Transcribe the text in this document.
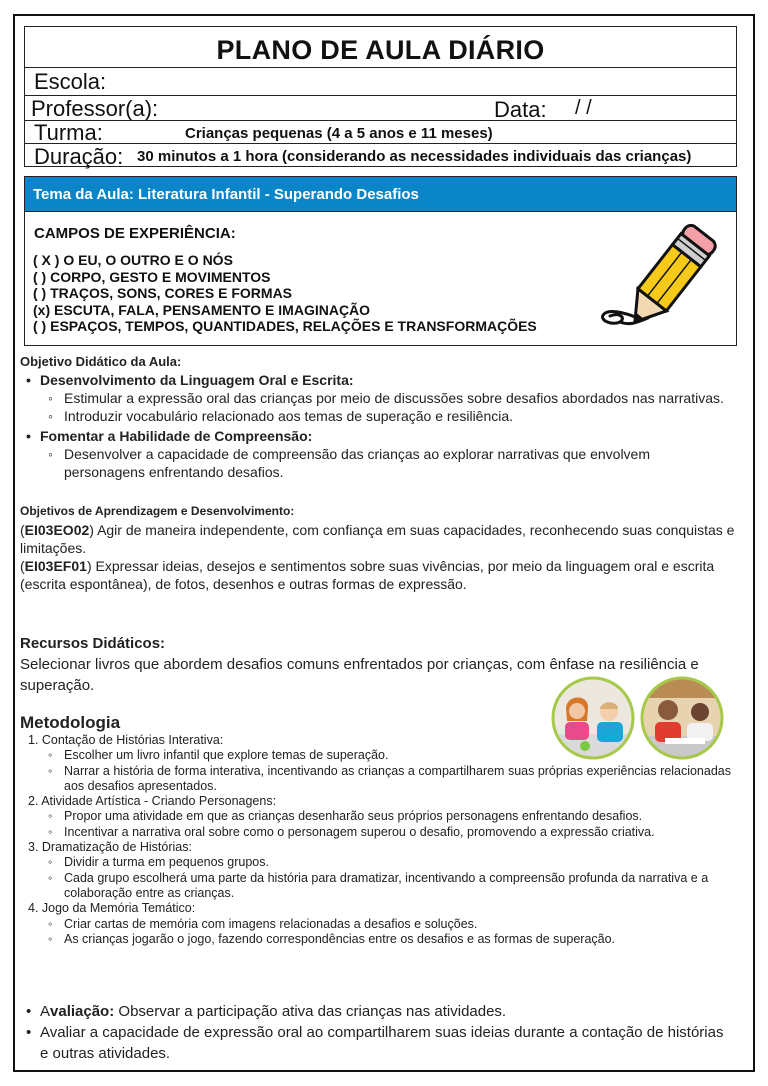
PLANO DE AULA DIÁRIO
Escola:
Professor(a):	Data: / /
Turma:	Crianças pequenas (4 a 5 anos e 11 meses)
Duração: 30 minutos a 1 hora (considerando as necessidades individuais das crianças)
Tema da Aula: Literatura Infantil - Superando Desafios
CAMPOS DE EXPERIÊNCIA:
( X ) O EU, O OUTRO E O NÓS
( ) CORPO, GESTO E MOVIMENTOS
( ) TRAÇOS, SONS, CORES E FORMAS
(x) ESCUTA, FALA, PENSAMENTO E IMAGINAÇÃO
( ) ESPAÇOS, TEMPOS, QUANTIDADES, RELAÇÕES E TRANSFORMAÇÕES
Objetivo Didático da Aula:
• Desenvolvimento da Linguagem Oral e Escrita:
◦ Estimular a expressão oral das crianças por meio de discussões sobre desafios abordados nas narrativas.
◦ Introduzir vocabulário relacionado aos temas de superação e resiliência.
• Fomentar a Habilidade de Compreensão:
◦ Desenvolver a capacidade de compreensão das crianças ao explorar narrativas que envolvem personagens enfrentando desafios.
Objetivos de Aprendizagem e Desenvolvimento:
(EI03EO02) Agir de maneira independente, com confiança em suas capacidades, reconhecendo suas conquistas e limitações.
(EI03EF01) Expressar ideias, desejos e sentimentos sobre suas vivências, por meio da linguagem oral e escrita (escrita espontânea), de fotos, desenhos e outras formas de expressão.
Recursos Didáticos:
Selecionar livros que abordem desafios comuns enfrentados por crianças, com ênfase na resiliência e superação.
Metodologia
1. Contação de Histórias Interativa:
◦ Escolher um livro infantil que explore temas de superação.
◦ Narrar a história de forma interativa, incentivando as crianças a compartilharem suas próprias experiências relacionadas aos desafios apresentados.
2. Atividade Artística - Criando Personagens:
◦ Propor uma atividade em que as crianças desenharão seus próprios personagens enfrentando desafios.
◦ Incentivar a narrativa oral sobre como o personagem superou o desafio, promovendo a expressão criativa.
3. Dramatização de Histórias:
◦ Dividir a turma em pequenos grupos.
◦ Cada grupo escolherá uma parte da história para dramatizar, incentivando a compreensão profunda da narrativa e a colaboração entre as crianças.
4. Jogo da Memória Temático:
◦ Criar cartas de memória com imagens relacionadas a desafios e soluções.
◦ As crianças jogarão o jogo, fazendo correspondências entre os desafios e as formas de superação.
• Avaliação: Observar a participação ativa das crianças nas atividades.
• Avaliar a capacidade de expressão oral ao compartilharem suas ideias durante a contação de histórias e outras atividades.
